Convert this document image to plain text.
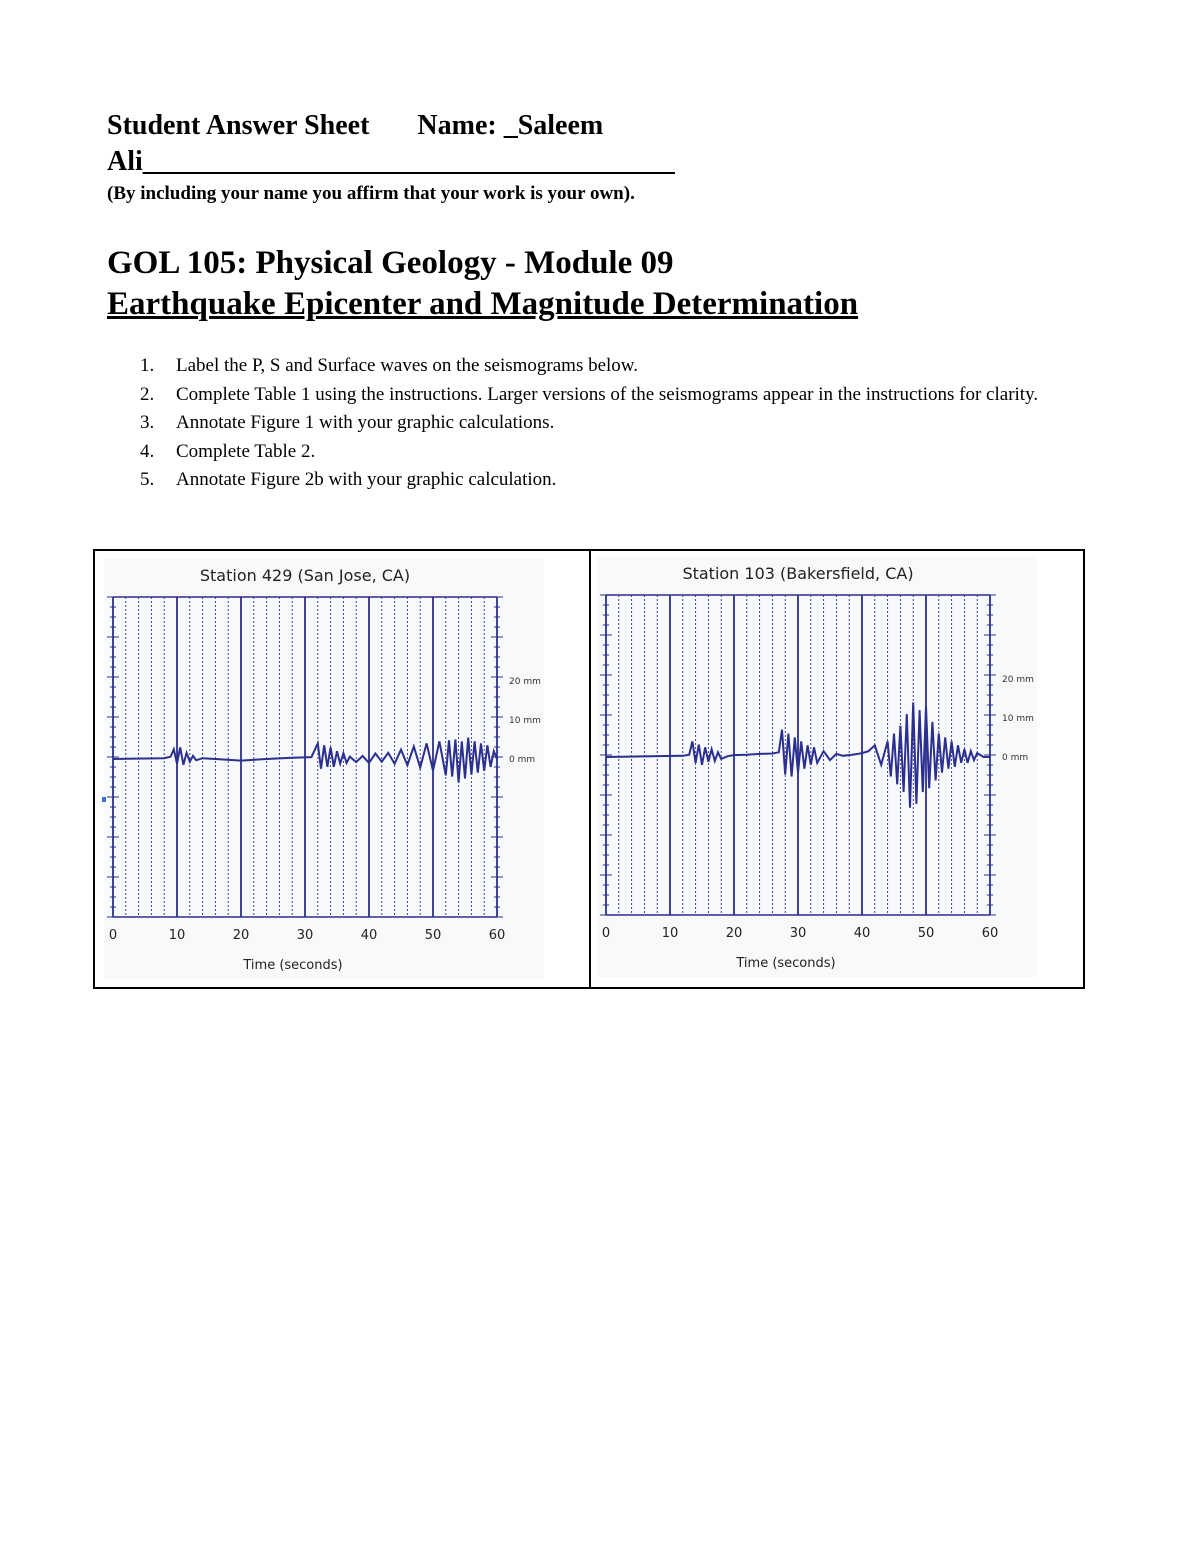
Student Answer Sheet Name: _Saleem
Ali______________________________________
(By including your name you affirm that your work is your own).
GOL 105: Physical Geology - Module 09
Earthquake Epicenter and Magnitude Determination
1. Label the P, S and Surface waves on the seismograms below.
2. Complete Table 1 using the instructions. Larger versions of the seismograms appear in the instructions for clarity.
3. Annotate Figure 1 with your graphic calculations.
4. Complete Table 2.
5. Annotate Figure 2b with your graphic calculation.
Station 429 (San Jose, CA)
20 mm
10 mm
0 mm
0	10	20	30	40	50	60
Time (seconds)
Station 103 (Bakersfield, CA)
20 mm
10 mm
0 mm
0	10	20	30	40	50	60
Time (seconds)
